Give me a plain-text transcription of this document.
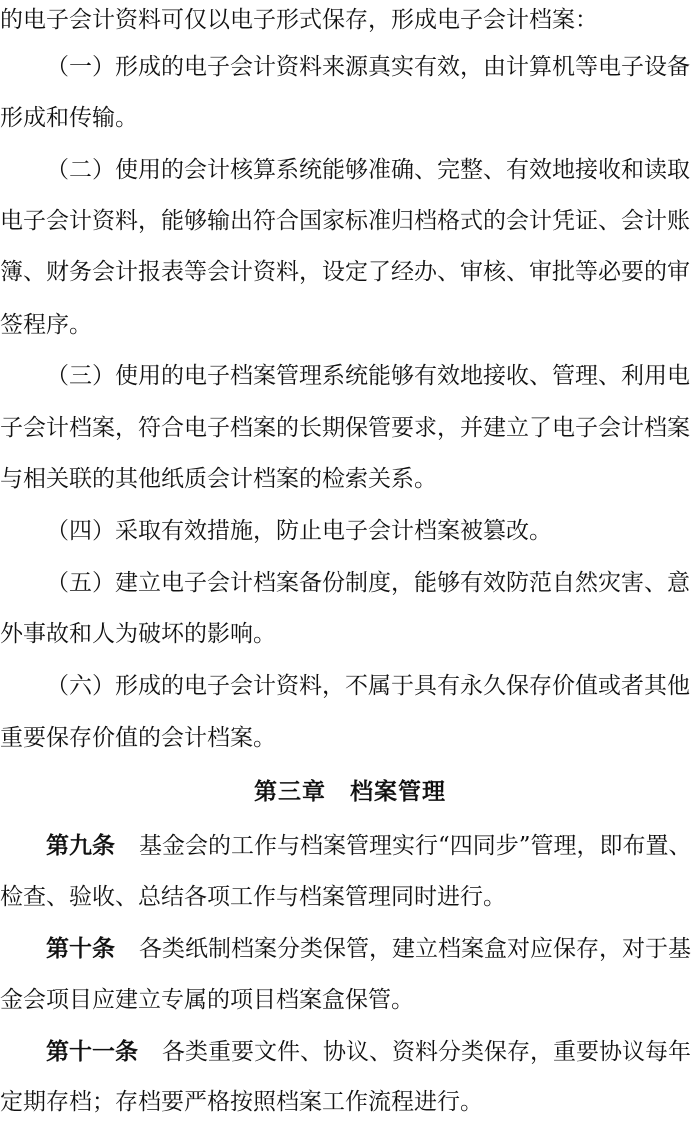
的电子会计资料可仅以电子形式保存，形成电子会计档案：
（一）形成的电子会计资料来源真实有效，由计算机等电子设备
形成和传输。
（二）使用的会计核算系统能够准确、完整、有效地接收和读取
电子会计资料，能够输出符合国家标准归档格式的会计凭证、会计账
簿、财务会计报表等会计资料，设定了经办、审核、审批等必要的审
签程序。
（三）使用的电子档案管理系统能够有效地接收、管理、利用电
子会计档案，符合电子档案的长期保管要求，并建立了电子会计档案
与相关联的其他纸质会计档案的检索关系。
（四）采取有效措施，防止电子会计档案被篡改。
（五）建立电子会计档案备份制度，能够有效防范自然灾害、意
外事故和人为破坏的影响。
（六）形成的电子会计资料，不属于具有永久保存价值或者其他
重要保存价值的会计档案。
第三章　档案管理
第九条 基金会的工作与档案管理实行“四同步”管理，即布置、
检查、验收、总结各项工作与档案管理同时进行。
第十条 各类纸制档案分类保管，建立档案盒对应保存，对于基
金会项目应建立专属的项目档案盒保管。
第十一条 各类重要文件、协议、资料分类保存，重要协议每年
定期存档；存档要严格按照档案工作流程进行。
